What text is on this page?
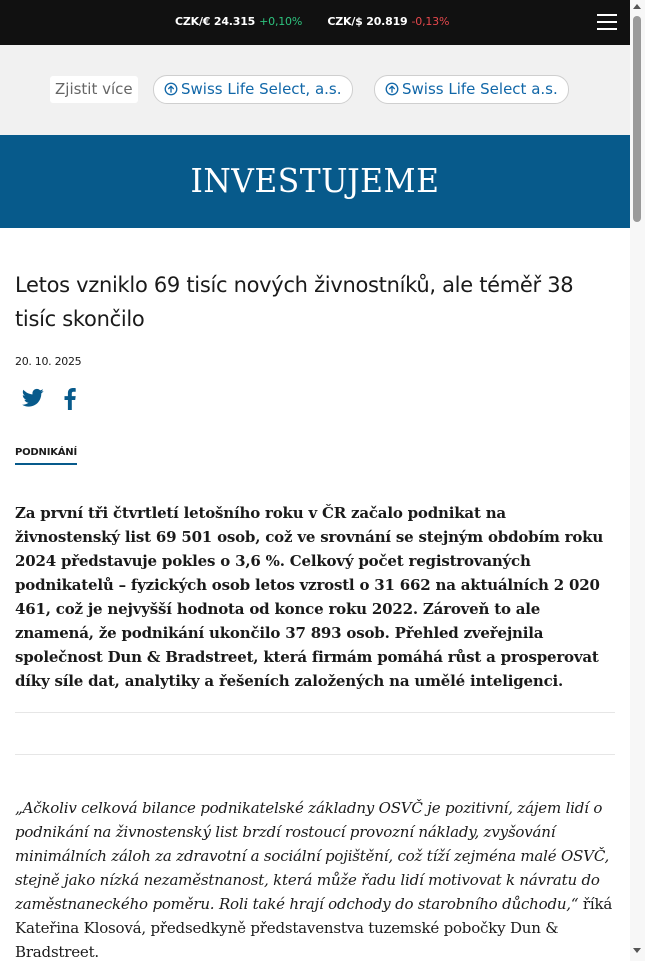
CZK/€ 24.315 +0,10% CZK/$ 20.819 -0,13%
Zjistit více	Swiss Life Select, a.s.	Swiss Life Select a.s.
INVESTUJEME
Letos vzniklo 69 tisíc nových živnostníků, ale téměř 38 tisíc skončilo
20. 10. 2025
PODNIKÁNÍ

Za první tři čtvrtletí letošního roku v ČR začalo podnikat na živnostenský list 69 501 osob, což ve srovnání se stejným obdobím roku 2024 představuje pokles o 3,6 %. Celkový počet registrovaných podnikatelů – fyzických osob letos vzrostl o 31 662 na aktuálních 2 020 461, což je nejvyšší hodnota od konce roku 2022. Zároveň to ale znamená, že podnikání ukončilo 37 893 osob. Přehled zveřejnila společnost Dun & Bradstreet, která firmám pomáhá růst a prosperovat díky síle dat, analytiky a řešeních založených na umělé inteligenci.

„Ačkoliv celková bilance podnikatelské základny OSVČ je pozitivní, zájem lidí o podnikání na živnostenský list brzdí rostoucí provozní náklady, zvyšování minimálních záloh za zdravotní a sociální pojištění, což tíží zejména malé OSVČ, stejně jako nízká nezaměstnanost, která může řadu lidí motivovat k návratu do zaměstnaneckého poměru. Roli také hrají odchody do starobního důchodu,“ říká Kateřina Klosová, předsedkyně představenstva tuzemské pobočky Dun & Bradstreet.
